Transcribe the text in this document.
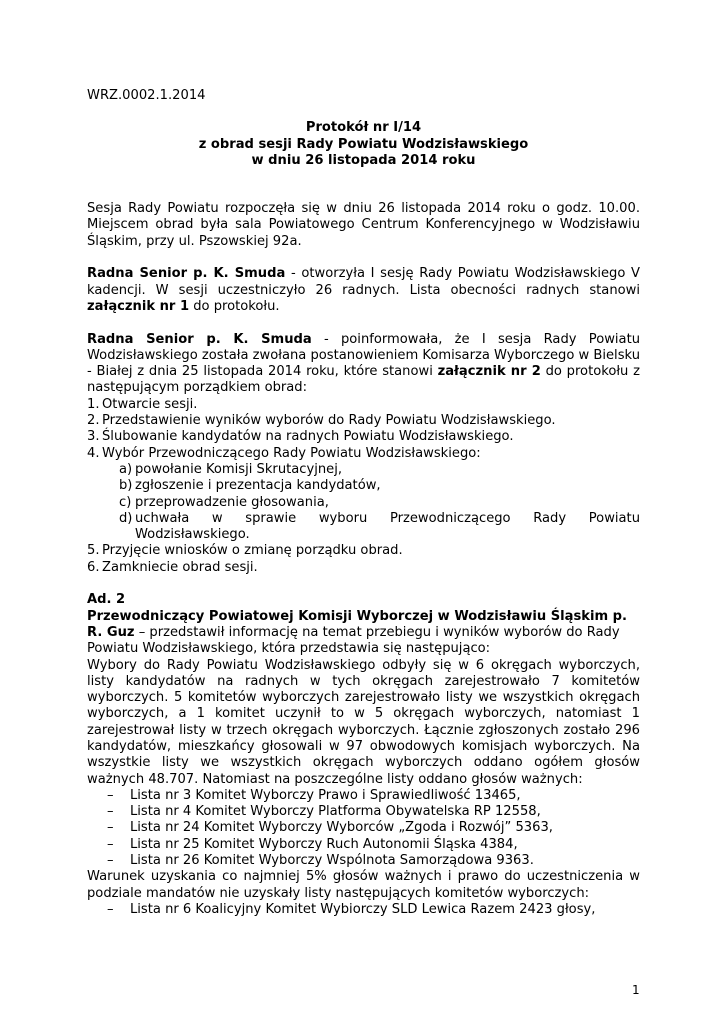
WRZ.0002.1.2014

Protokół nr I/14

z obrad sesji Rady Powiatu Wodzisławskiego

w dniu 26 listopada 2014 roku

Sesja Rady Powiatu rozpoczęła się w dniu 26 listopada 2014 roku o godz. 10.00. Miejscem obrad była sala Powiatowego Centrum Konferencyjnego w Wodzisławiu Śląskim, przy ul. Pszowskiej 92a.

Radna Senior p. K. Smuda - otworzyła I sesję Rady Powiatu Wodzisławskiego V kadencji. W sesji uczestniczyło 26 radnych. Lista obecności radnych stanowi załącznik nr 1 do protokołu.

Radna Senior p. K. Smuda - poinformowała, że I sesja Rady Powiatu Wodzisławskiego została zwołana postanowieniem Komisarza Wyborczego w Bielsku - Białej z dnia 25 listopada 2014 roku, które stanowi załącznik nr 2 do protokołu z następującym porządkiem obrad:

1. Otwarcie sesji.
2. Przedstawienie wyników wyborów do Rady Powiatu Wodzisławskiego.
3. Ślubowanie kandydatów na radnych Powiatu Wodzisławskiego.
4. Wybór Przewodniczącego Rady Powiatu Wodzisławskiego:
a) powołanie Komisji Skrutacyjnej,
b) zgłoszenie i prezentacja kandydatów,
c) przeprowadzenie głosowania,
d) uchwała w sprawie wyboru Przewodniczącego Rady Powiatu Wodzisławskiego.
5. Przyjęcie wniosków o zmianę porządku obrad.
6. Zamkniecie obrad sesji.

Ad. 2

Przewodniczący Powiatowej Komisji Wyborczej w Wodzisławiu Śląskim p. R. Guz – przedstawił informację na temat przebiegu i wyników wyborów do Rady Powiatu Wodzisławskiego, która przedstawia się następująco:

Wybory do Rady Powiatu Wodzisławskiego odbyły się w 6 okręgach wyborczych, listy kandydatów na radnych w tych okręgach zarejestrowało 7 komitetów wyborczych. 5 komitetów wyborczych zarejestrowało listy we wszystkich okręgach wyborczych, a 1 komitet uczynił to w 5 okręgach wyborczych, natomiast 1 zarejestrował listy w trzech okręgach wyborczych. Łącznie zgłoszonych zostało 296 kandydatów, mieszkańcy głosowali w 97 obwodowych komisjach wyborczych. Na wszystkie listy we wszystkich okręgach wyborczych oddano ogółem głosów ważnych 48.707. Natomiast na poszczególne listy oddano głosów ważnych:

– Lista nr 3 Komitet Wyborczy Prawo i Sprawiedliwość 13465,
– Lista nr 4 Komitet Wyborczy Platforma Obywatelska RP 12558,
– Lista nr 24 Komitet Wyborczy Wyborców „Zgoda i Rozwój” 5363,
– Lista nr 25 Komitet Wyborczy Ruch Autonomii Śląska 4384,
– Lista nr 26 Komitet Wyborczy Wspólnota Samorządowa 9363.

Warunek uzyskania co najmniej 5% głosów ważnych i prawo do uczestniczenia w podziale mandatów nie uzyskały listy następujących komitetów wyborczych:

– Lista nr 6 Koalicyjny Komitet Wybiorczy SLD Lewica Razem 2423 głosy,
1
